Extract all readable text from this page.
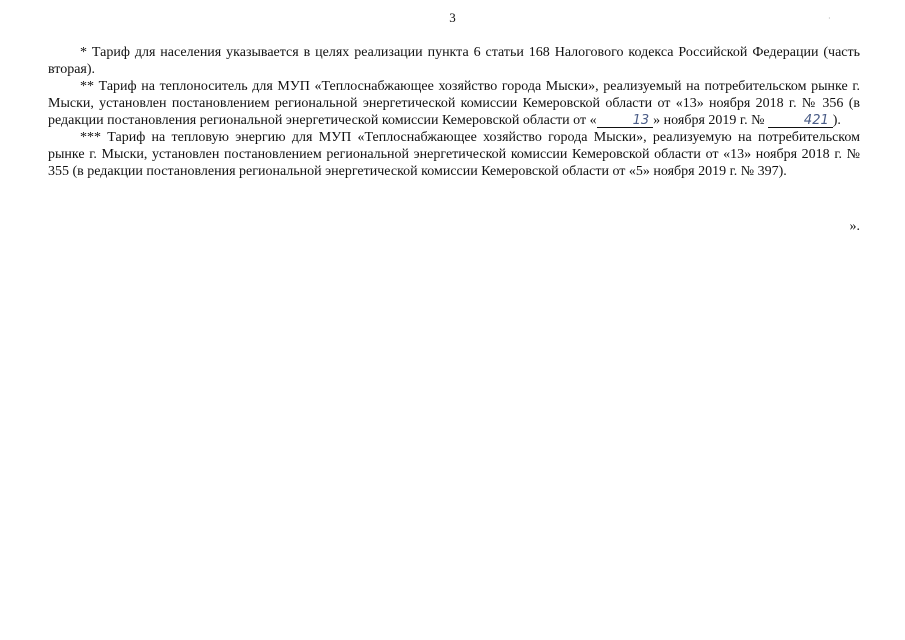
3	·

* Тариф для населения указывается в целях реализации пункта 6 статьи 168 Налогового кодекса Российской Федерации (часть вторая).

** Тариф на теплоноситель для МУП «Теплоснабжающее хозяйство города Мыски», реализуемый на потребительском рынке г. Мыски, установлен постановлением региональной энергетической комиссии Кемеровской области от «13» ноября 2018 г. № 356 (в редакции постановления региональной энергетической комиссии Кемеровской области от «	13 » ноября 2019 г. №	421 ).

*** Тариф на тепловую энергию для МУП «Теплоснабжающее хозяйство города Мыски», реализуемую на потребительском рынке г. Мыски, установлен постановлением региональной энергетической комиссии Кемеровской области от «13» ноября 2018 г. № 355 (в редакции постановления региональной энергетической комиссии Кемеровской области от «5» ноября 2019 г. № 397).

».
